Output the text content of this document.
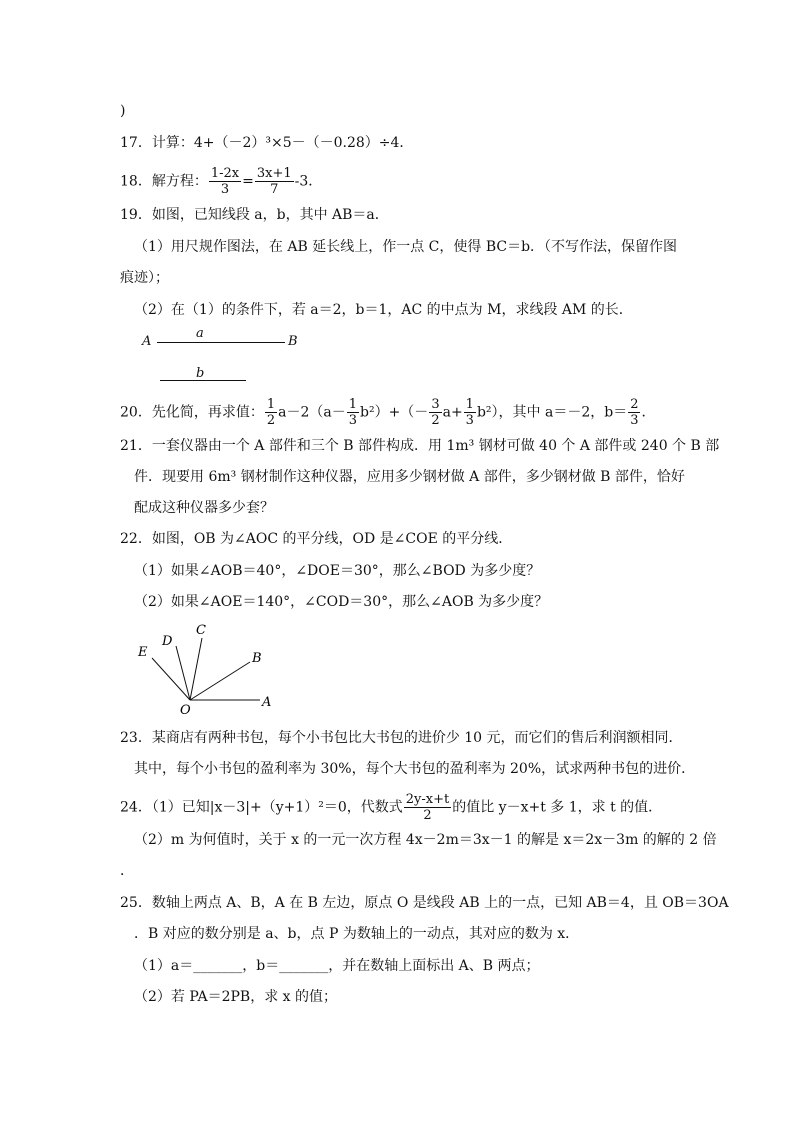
)
17．计算：4+（－2）³×5－（－0.28）÷4．
18．解方程： $\frac{1-2x}{3} = \frac{3x+1}{7} -3$．
19．如图，已知线段 a，b，其中 AB＝a．
（1）用尺规作图法，在 AB 延长线上，作一点 C，使得 BC＝b．（不写作法，保留作图
痕迹）；
（2）在（1）的条件下，若 a＝2，b＝1，AC 的中点为 M，求线段 AM 的长．
A
a
B
b
20．先化简，再求值： $\frac{1}{2} a-2(a- \frac{1}{3} b^2)+(- \frac{3}{2} a+ \frac{1}{3} b^2)$，其中 a＝－2，$b= \frac{2}{3}$ ．
21．一套仪器由一个 A 部件和三个 B 部件构成．用 1m³ 钢材可做 40 个 A 部件或 240 个 B 部
件．现要用 6m³ 钢材制作这种仪器，应用多少钢材做 A 部件，多少钢材做 B 部件，恰好
配成这种仪器多少套？
22．如图，OB 为∠AOC 的平分线，OD 是∠COE 的平分线．
（1）如果∠AOB＝40°，∠DOE＝30°，那么∠BOD 为多少度？
（2）如果∠AOE＝140°，∠COD＝30°，那么∠AOB 为多少度？
E
D
C
B
O
A
23．某商店有两种书包，每个小书包比大书包的进价少 10 元，而它们的售后利润额相同．
其中，每个小书包的盈利率为 30%，每个大书包的盈利率为 20%，试求两种书包的进价．
24．（1）已知|x－3|+（y+1）²＝0，代数式 $\frac{2y-x+t}{2}$ 的值比 y－x+t 多 1，求 t 的值．
（2）m 为何值时，关于 x 的一元一次方程 4x－2m＝3x－1 的解是 x＝2x－3m 的解的 2 倍
．
25．数轴上两点 A、B，A 在 B 左边，原点 O 是线段 AB 上的一点，已知 AB＝4，且 OB＝3OA
．B 对应的数分别是 a、b，点 P 为数轴上的一动点，其对应的数为 x．
（1）a＝_______，b＝_______，并在数轴上面标出 A、B 两点；
（2）若 PA＝2PB，求 x 的值；
